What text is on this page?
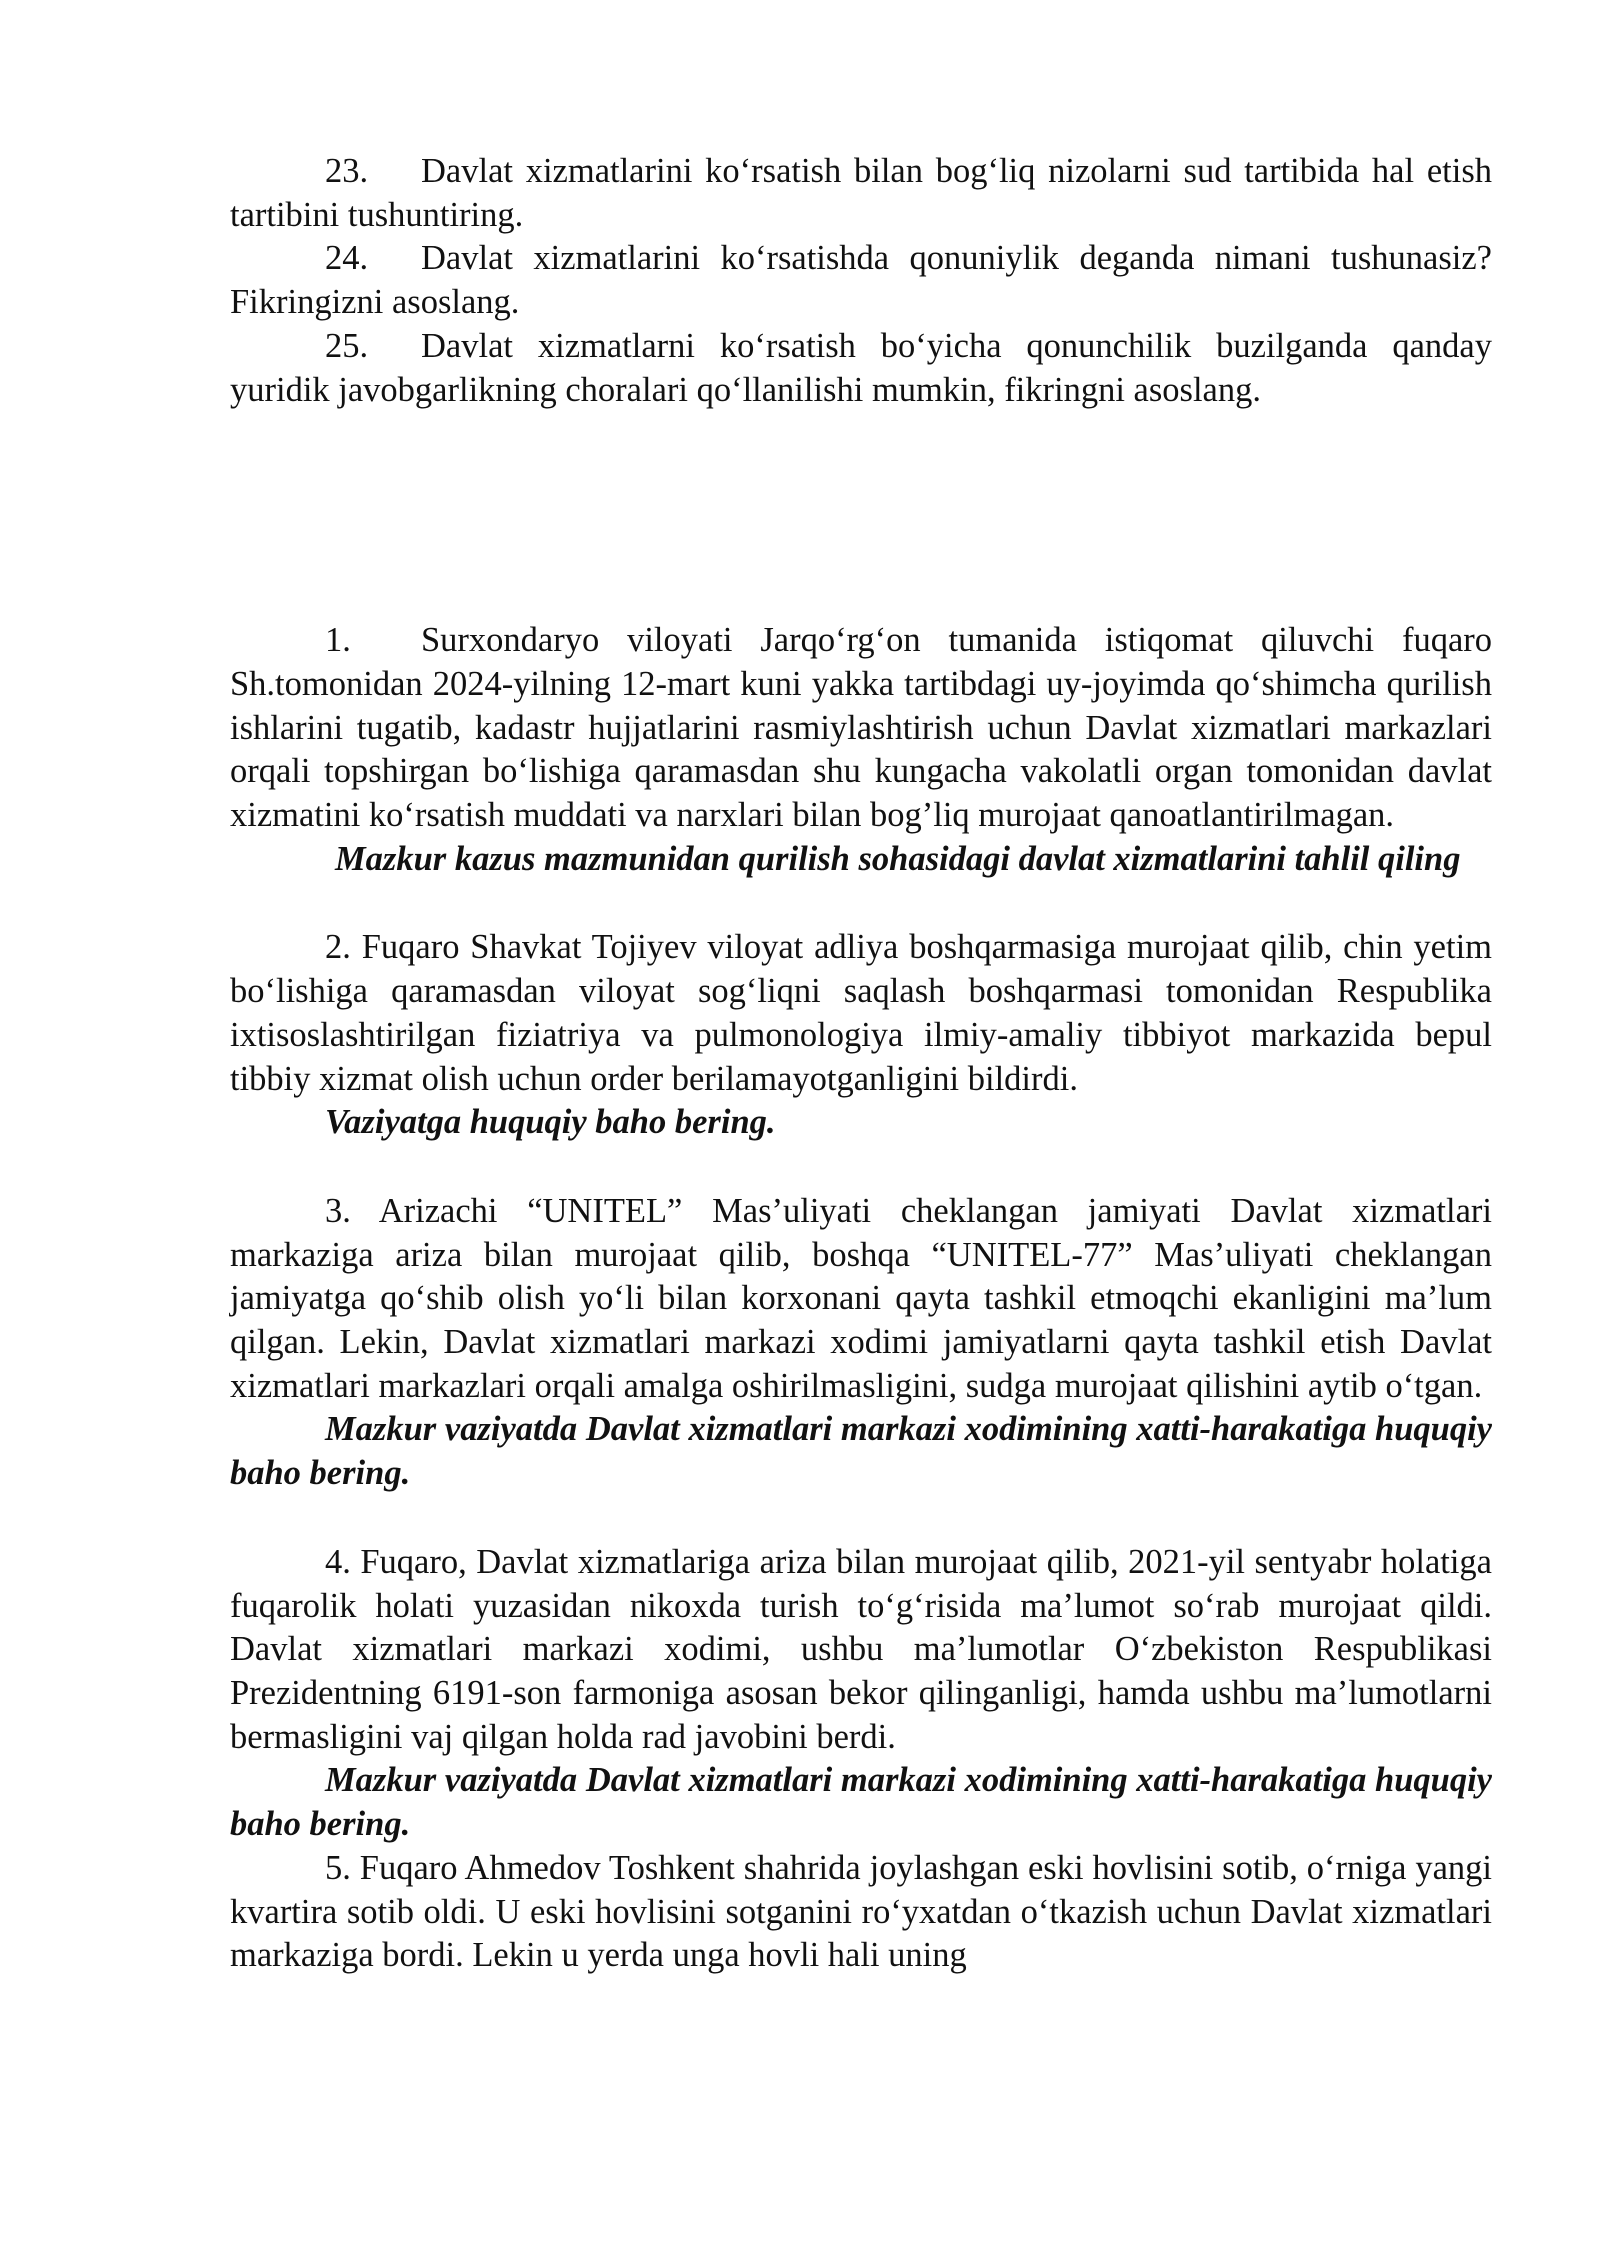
23. Davlat xizmatlarini ko‘rsatish bilan bog‘liq nizolarni sud tartibida hal etish tartibini tushuntiring.

24. Davlat xizmatlarini ko‘rsatishda qonuniylik deganda nimani tushunasiz? Fikringizni asoslang.

25. Davlat xizmatlarni ko‘rsatish bo‘yicha qonunchilik buzilganda qanday yuridik javobgarlikning choralari qo‘llanilishi mumkin, fikringni asoslang.

1. Surxondaryo viloyati Jarqo‘rg‘on tumanida istiqomat qiluvchi fuqaro Sh.tomonidan 2024-yilning 12-mart kuni yakka tartibdagi uy-joyimda qo‘shimcha qurilish ishlarini tugatib, kadastr hujjatlarini rasmiylashtirish uchun Davlat xizmatlari markazlari orqali topshirgan bo‘lishiga qaramasdan shu kungacha vakolatli organ tomonidan davlat xizmatini ko‘rsatish muddati va narxlari bilan bog’liq murojaat qanoatlantirilmagan.

Mazkur kazus mazmunidan qurilish sohasidagi davlat xizmatlarini tahlil qiling

2. Fuqaro Shavkat Tojiyev viloyat adliya boshqarmasiga murojaat qilib, chin yetim bo‘lishiga qaramasdan viloyat sog‘liqni saqlash boshqarmasi tomonidan Respublika ixtisoslashtirilgan fiziatriya va pulmonologiya ilmiy-amaliy tibbiyot markazida bepul tibbiy xizmat olish uchun order berilamayotganligini bildirdi.

Vaziyatga huquqiy baho bering.

3. Arizachi “UNITEL” Mas’uliyati cheklangan jamiyati Davlat xizmatlari markaziga ariza bilan murojaat qilib, boshqa “UNITEL-77” Mas’uliyati cheklangan jamiyatga qo‘shib olish yo‘li bilan korxonani qayta tashkil etmoqchi ekanligini ma’lum qilgan. Lekin, Davlat xizmatlari markazi xodimi jamiyatlarni qayta tashkil etish Davlat xizmatlari markazlari orqali amalga oshirilmasligini, sudga murojaat qilishini aytib o‘tgan.

Mazkur vaziyatda Davlat xizmatlari markazi xodimining xatti-harakatiga huquqiy baho bering.

4. Fuqaro, Davlat xizmatlariga ariza bilan murojaat qilib, 2021-yil sentyabr holatiga fuqarolik holati yuzasidan nikoxda turish to‘g‘risida ma’lumot so‘rab murojaat qildi. Davlat xizmatlari markazi xodimi, ushbu ma’lumotlar O‘zbekiston Respublikasi Prezidentning 6191-son farmoniga asosan bekor qilinganligi, hamda ushbu ma’lumotlarni bermasligini vaj qilgan holda rad javobini berdi.

Mazkur vaziyatda Davlat xizmatlari markazi xodimining xatti-harakatiga huquqiy baho bering.

5. Fuqaro Ahmedov Toshkent shahrida joylashgan eski hovlisini sotib, o‘rniga yangi kvartira sotib oldi. U eski hovlisini sotganini ro‘yxatdan o‘tkazish uchun Davlat xizmatlari markaziga bordi. Lekin u yerda unga hovli hali uning
